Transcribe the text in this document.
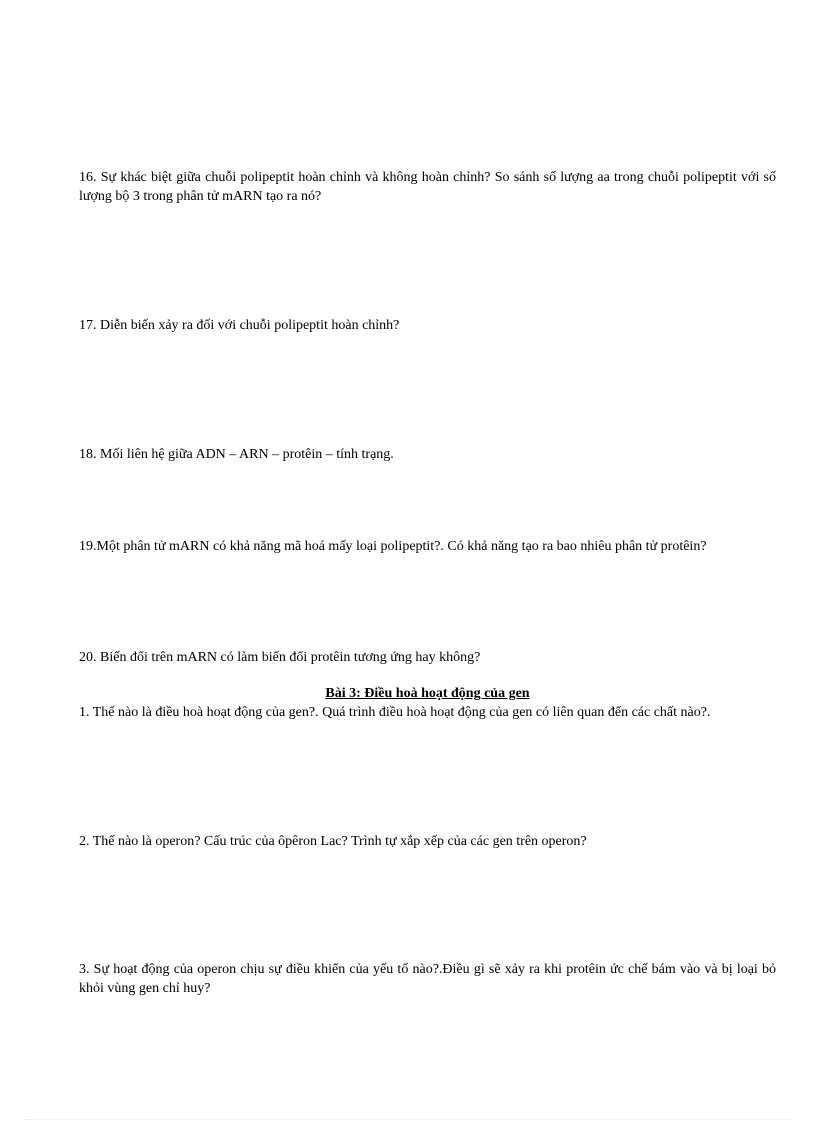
16. Sự khác biệt giữa chuỗi polipeptit hoàn chỉnh và không hoàn chỉnh? So sánh số lượng aa trong chuỗi polipeptit với số lượng bộ 3 trong phân tử mARN tạo ra nó?

17. Diễn biến xảy ra đối với chuỗi polipeptit hoàn chỉnh?

18. Mối liên hệ giữa ADN – ARN – protêin – tính trạng.

19.Một phân tử mARN có khả năng mã hoá mấy loại polipeptit?. Có khả năng tạo ra bao nhiêu phân tử protêin?

20. Biến đổi trên mARN có làm biến đổi protêin tương ứng hay không?

Bài 3: Điều hoà hoạt động của gen

1. Thế nào là điều hoà hoạt động của gen?. Quá trình điều hoà hoạt động của gen có liên quan đến các chất nào?.

2. Thế nào là operon? Cấu trúc của ôpêron Lac? Trình tự xắp xếp của các gen trên operon?

3. Sự hoạt động của operon chịu sự điều khiển của yếu tố nào?.Điều gì sẽ xảy ra khi protêin ức chế bám vào và bị loại bỏ khỏi vùng gen chỉ huy?
